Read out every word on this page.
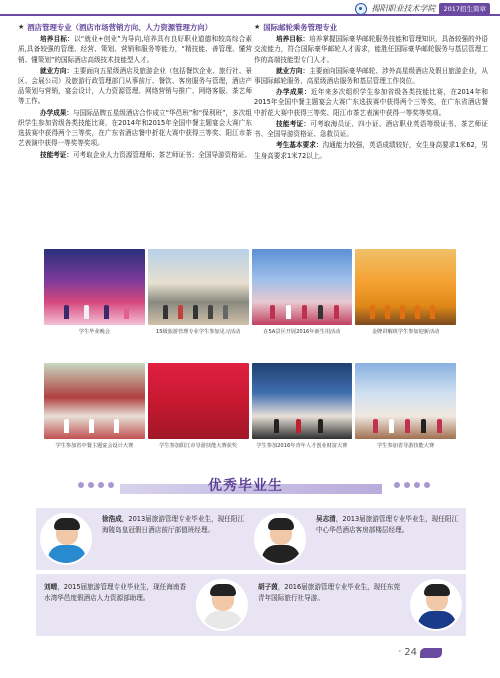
揭阳职业技术学院	2017招生简章
★ 酒店管理专业（酒店市场营销方向、人力资源管理方向）

培养目标：以“就业+创业”为导向,培养具有良好职业道德和较高综合素质,具备较强的管理、经营、策划、营销和服务等能力，“精技能、善管理、懂营销、懂策划”的国际酒店高级技术技能型人才。

就业方向：主要面向五星级酒店及旅游企业（包括餐饮企业、旅行社、景区、会展公司）及旅游行政管理部门从事前厅、餐饮、客房服务与管理，酒店产品策划与营销，宴会设计，人力资源管理、网络营销与推广、网络客服、茶艺师等工作。

办学成果：与国际品牌五星级酒店合作成立“华邑班”和“保利班”，多次组织学生参加省级各类技能比赛，在2014年和2015年全国中餐主题宴会大赛广东选拔赛中获得两个三等奖，在广东省酒店餐中折花大赛中获得三等奖、阳江市茶艺表演中获得一等奖等奖项。

技能考证：可考取企业人力资源管理师；茶艺师证书；全国导游资格证。

★ 国际邮轮乘务管理专业

培养目标：培养掌握国际豪华邮轮服务技能和管理知识，具备较强的外语交流能力，符合国际豪华邮轮人才需求，能胜任国际豪华邮轮服务与基层管理工作的高端技能型专门人才。

就业方向：主要面向国际豪华邮轮、涉外高星级酒店及假日旅游企业，从事国际邮轮服务、高星级酒店服务和基层管理工作岗位。

办学成果：近年来多次组织学生参加省级各类技能比赛，在2014年和2015年全国中餐主题宴会大赛广东选拔赛中获得两个三等奖，在广东省酒店餐中折花大赛中获得三等奖、阳江市茶艺表演中获得一等奖等奖项。

技能考证：可考取海员证、四小证、酒店职业英语等级证书、茶艺师证书、全国导游资格证、急救员证。

考生基本要求：沟通能力较强，英语成绩较好，女生身高要求1米62，男生身高要求1米72以上。

学生毕业晚会	15级旅游管理专业学生参加见习活动	在5A景区开展2016年新生用活动	金牌讲解班学生参加迎新活动
学生参加省中餐主题宴会设计大赛	学生参加阳江市导游技能大赛获奖	学生参加2016年青年人才创业财富大赛	学生参加省导游技能大赛
优秀毕业生
徐浩成，2013届旅游管理专业毕业生，现任阳江海陵岛皇冠假日酒店前厅部值班经理。
吴志清，2013届旅游管理专业毕业生，现任阳江中心华邑酒店客房部楼层经理。
刘晴，2015届旅游管理专业毕业生，现任海南香水湾华邑度假酒店人力资源部助理。
胡子茵，2016届旅游管理专业毕业生，现任东莞青年国际旅行社导游。
· 24
